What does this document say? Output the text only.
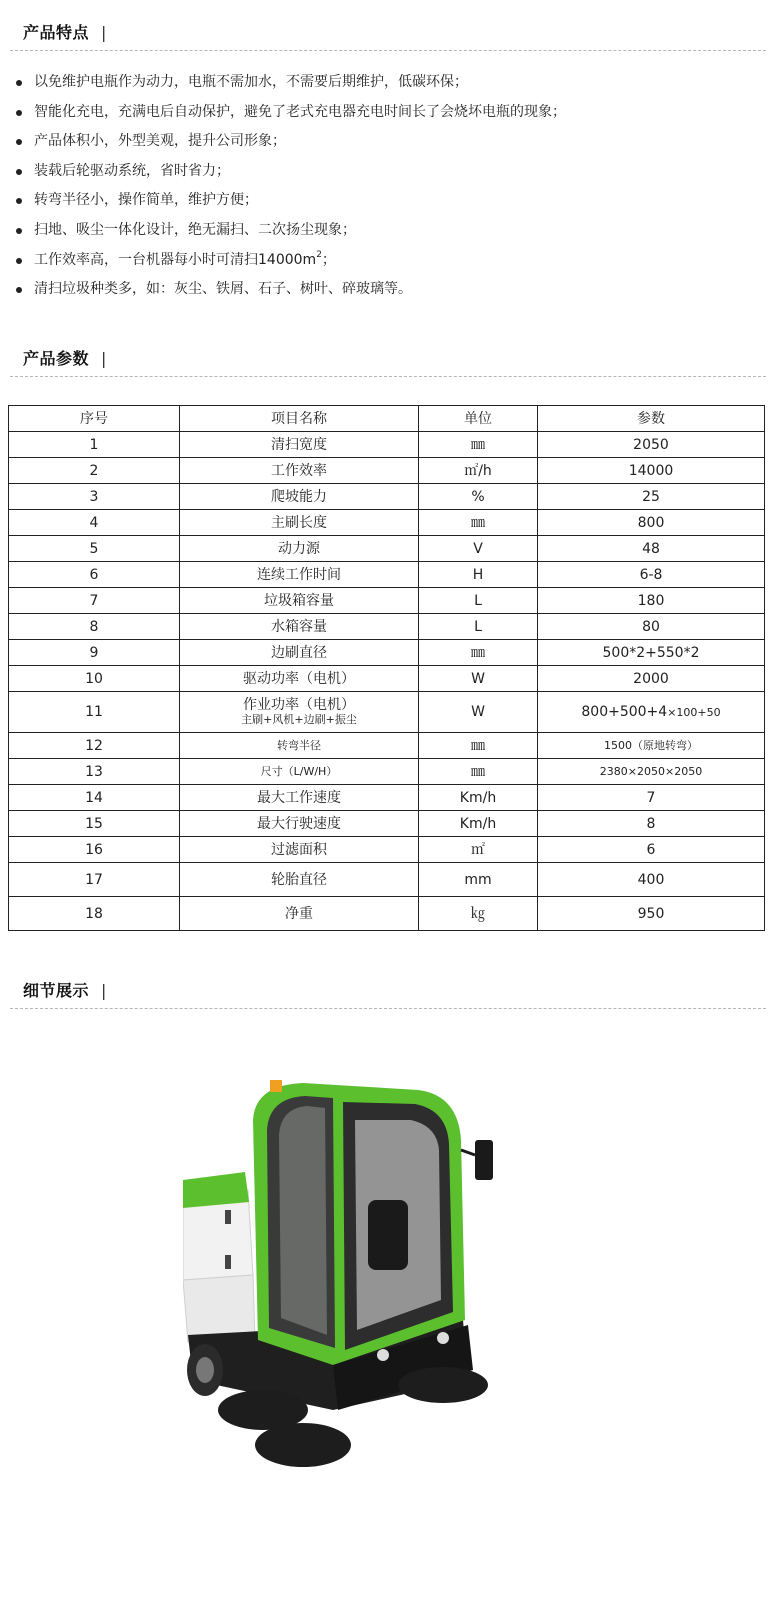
产品特点 |
以免维护电瓶作为动力，电瓶不需加水，不需要后期维护，低碳环保；
智能化充电，充满电后自动保护，避免了老式充电器充电时间长了会烧坏电瓶的现象；
产品体积小，外型美观，提升公司形象；
装载后轮驱动系统，省时省力；
转弯半径小，操作简单，维护方便；
扫地、吸尘一体化设计，绝无漏扫、二次扬尘现象；
工作效率高，一台机器每小时可清扫$14000m^2$；
清扫垃圾种类多，如：灰尘、铁屑、石子、树叶、碎玻璃等。
产品参数 |
序号	项目名称	单位	参数
1	清扫宽度	㎜	2050
2	工作效率	㎡/h	14000
3	爬坡能力	%	25
4	主刷长度	㎜	800
5	动力源	V	48
6	连续工作时间	H	6-8
7	垃圾箱容量	L	180
8	水箱容量	L	80
9	边刷直径	㎜	500*2+550*2
10	驱动功率（电机）	W	2000
11	作业功率（电机）
主刷+风机+边刷+振尘	W	800+500+4×100+50
12	转弯半径	㎜	1500（原地转弯）
13	尺寸（L/W/H）	㎜	2380×2050×2050
14	最大工作速度	Km/h	7
15	最大行驶速度	Km/h	8
16	过滤面积	㎡	6
17	轮胎直径	mm	400
18	净重	㎏	950
细节展示 |
